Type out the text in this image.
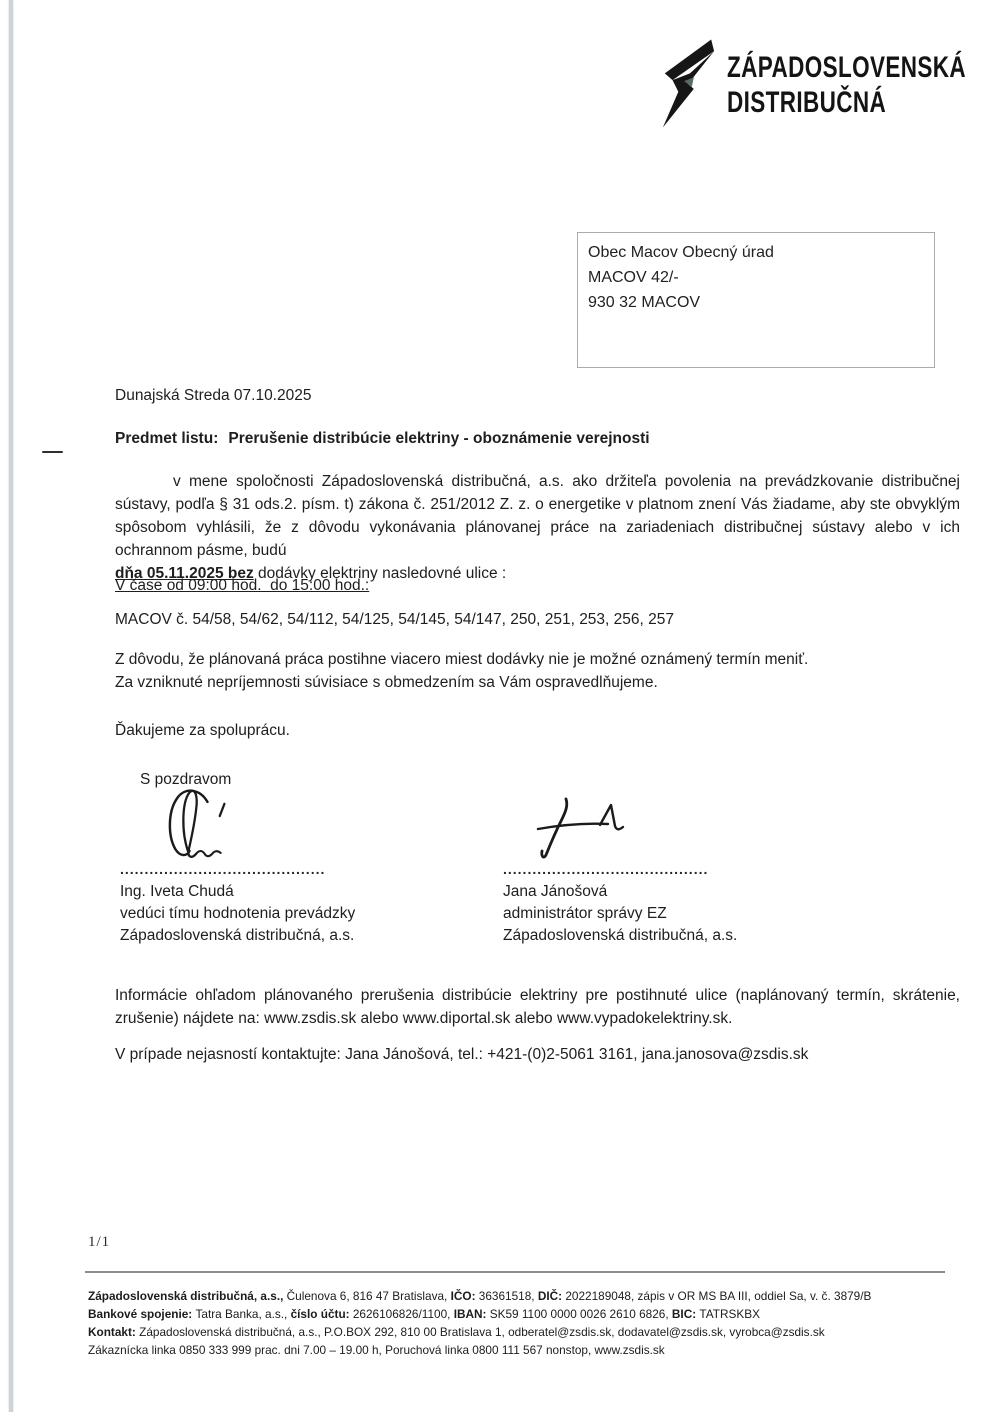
ZÁPADOSLOVENSKÁ
DISTRIBUČNÁ
Obec Macov Obecný úrad
MACOV 42/-
930 32 MACOV
Dunajská Streda 07.10.2025
Predmet listu: Prerušenie distribúcie elektriny - oboznámenie verejnosti
v mene spoločnosti Západoslovenská distribučná, a.s. ako držiteľa povolenia na prevádzkovanie distribučnej sústavy, podľa § 31 ods.2. písm. t) zákona č. 251/2012 Z. z. o energetike v platnom znení Vás žiadame, aby ste obvyklým spôsobom vyhlásili, že z dôvodu vykonávania plánovanej práce na zariadeniach distribučnej sústavy alebo v ich ochrannom pásme, budú
dňa 05.11.2025 bez dodávky elektriny nasledovné ulice :
V čase od 09:00 hod.  do 15:00 hod.:
MACOV č. 54/58, 54/62, 54/112, 54/125, 54/145, 54/147, 250, 251, 253, 256, 257
Z dôvodu, že plánovaná práca postihne viacero miest dodávky nie je možné oznámený termín meniť.
Za vzniknuté nepríjemnosti súvisiace s obmedzením sa Vám ospravedlňujeme.
Ďakujeme za spoluprácu.
S pozdravom
..........................................
Ing. Iveta Chudá
vedúci tímu hodnotenia prevádzky
Západoslovenská distribučná, a.s.
..........................................
Jana Jánošová
administrátor správy EZ
Západoslovenská distribučná, a.s.
Informácie ohľadom plánovaného prerušenia distribúcie elektriny pre postihnuté ulice (naplánovaný termín, skrátenie, zrušenie) nájdete na: www.zsdis.sk alebo www.diportal.sk alebo www.vypadokelektriny.sk.
V prípade nejasností kontaktujte: Jana Jánošová, tel.: +421-(0)2-5061 3161, jana.janosova@zsdis.sk
1/1
Západoslovenská distribučná, a.s., Čulenova 6, 816 47 Bratislava, IČO: 36361518, DIČ: 2022189048, zápis v OR MS BA III, oddiel Sa, v. č. 3879/B
Bankové spojenie: Tatra Banka, a.s., číslo účtu: 2626106826/1100, IBAN: SK59 1100 0000 0026 2610 6826, BIC: TATRSKBX
Kontakt: Západoslovenská distribučná, a.s., P.O.BOX 292, 810 00 Bratislava 1, odberatel@zsdis.sk, dodavatel@zsdis.sk, vyrobca@zsdis.sk
Zákaznícka linka 0850 333 999 prac. dni 7.00 – 19.00 h, Poruchová linka 0800 111 567 nonstop, www.zsdis.sk
